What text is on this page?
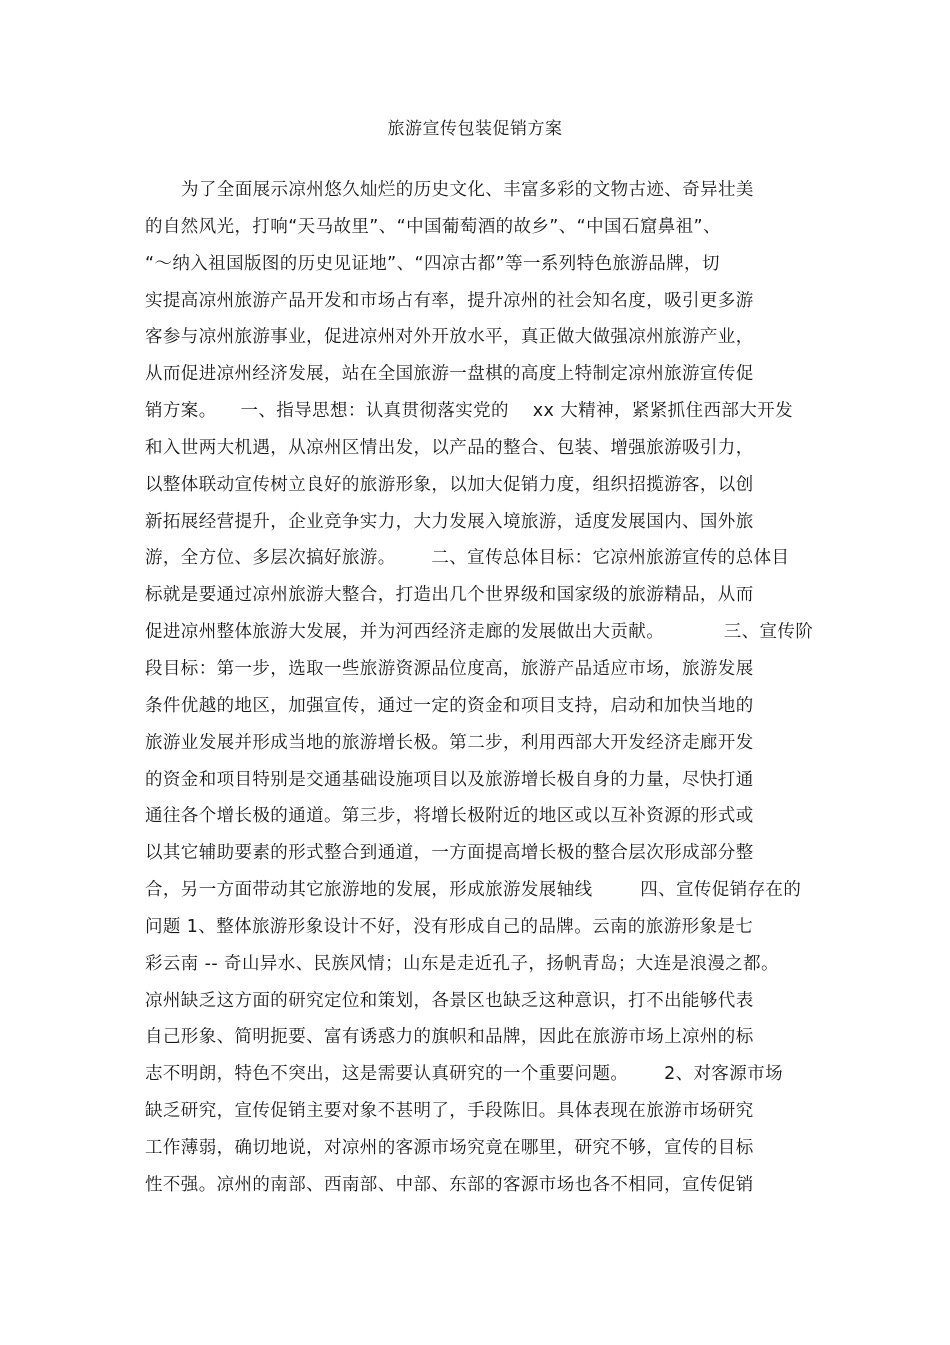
旅游宣传包装促销方案
为了全面展示凉州悠久灿烂的历史文化、丰富多彩的文物古迹、奇异壮美
的自然风光，打响“天马故里”、“中国葡萄酒的故乡”、“中国石窟鼻祖”、
“～纳入祖国版图的历史见证地”、“四凉古都”等一系列特色旅游品牌，切
实提高凉州旅游产品开发和市场占有率，提升凉州的社会知名度，吸引更多游
客参与凉州旅游事业，促进凉州对外开放水平，真正做大做强凉州旅游产业，
从而促进凉州经济发展，站在全国旅游一盘棋的高度上特制定凉州旅游宣传促
销方案。    一、指导思想：认真贯彻落实党的    xx 大精神，紧紧抓住西部大开发
和入世两大机遇，从凉州区情出发，以产品的整合、包装、增强旅游吸引力，
以整体联动宣传树立良好的旅游形象，以加大促销力度，组织招揽游客，以创
新拓展经营提升，企业竞争实力，大力发展入境旅游，适度发展国内、国外旅
游，全方位、多层次搞好旅游。      二、宣传总体目标：它凉州旅游宣传的总体目
标就是要通过凉州旅游大整合，打造出几个世界级和国家级的旅游精品，从而
促进凉州整体旅游大发展，并为河西经济走廊的发展做出大贡献。          三、宣传阶
段目标：第一步，选取一些旅游资源品位度高，旅游产品适应市场，旅游发展
条件优越的地区，加强宣传，通过一定的资金和项目支持，启动和加快当地的
旅游业发展并形成当地的旅游增长极。第二步，利用西部大开发经济走廊开发
的资金和项目特别是交通基础设施项目以及旅游增长极自身的力量，尽快打通
通往各个增长极的通道。第三步，将增长极附近的地区或以互补资源的形式或
以其它辅助要素的形式整合到通道，一方面提高增长极的整合层次形成部分整
合，另一方面带动其它旅游地的发展，形成旅游发展轴线        四、宣传促销存在的
问题 1、整体旅游形象设计不好，没有形成自己的品牌。云南的旅游形象是七
彩云南 -- 奇山异水、民族风情；山东是走近孔子，扬帆青岛；大连是浪漫之都。
凉州缺乏这方面的研究定位和策划，各景区也缺乏这种意识，打不出能够代表
自己形象、简明扼要、富有诱惑力的旗帜和品牌，因此在旅游市场上凉州的标
志不明朗，特色不突出，这是需要认真研究的一个重要问题。      2、对客源市场
缺乏研究，宣传促销主要对象不甚明了，手段陈旧。具体表现在旅游市场研究
工作薄弱，确切地说，对凉州的客源市场究竟在哪里，研究不够，宣传的目标
性不强。凉州的南部、西南部、中部、东部的客源市场也各不相同，宣传促销
